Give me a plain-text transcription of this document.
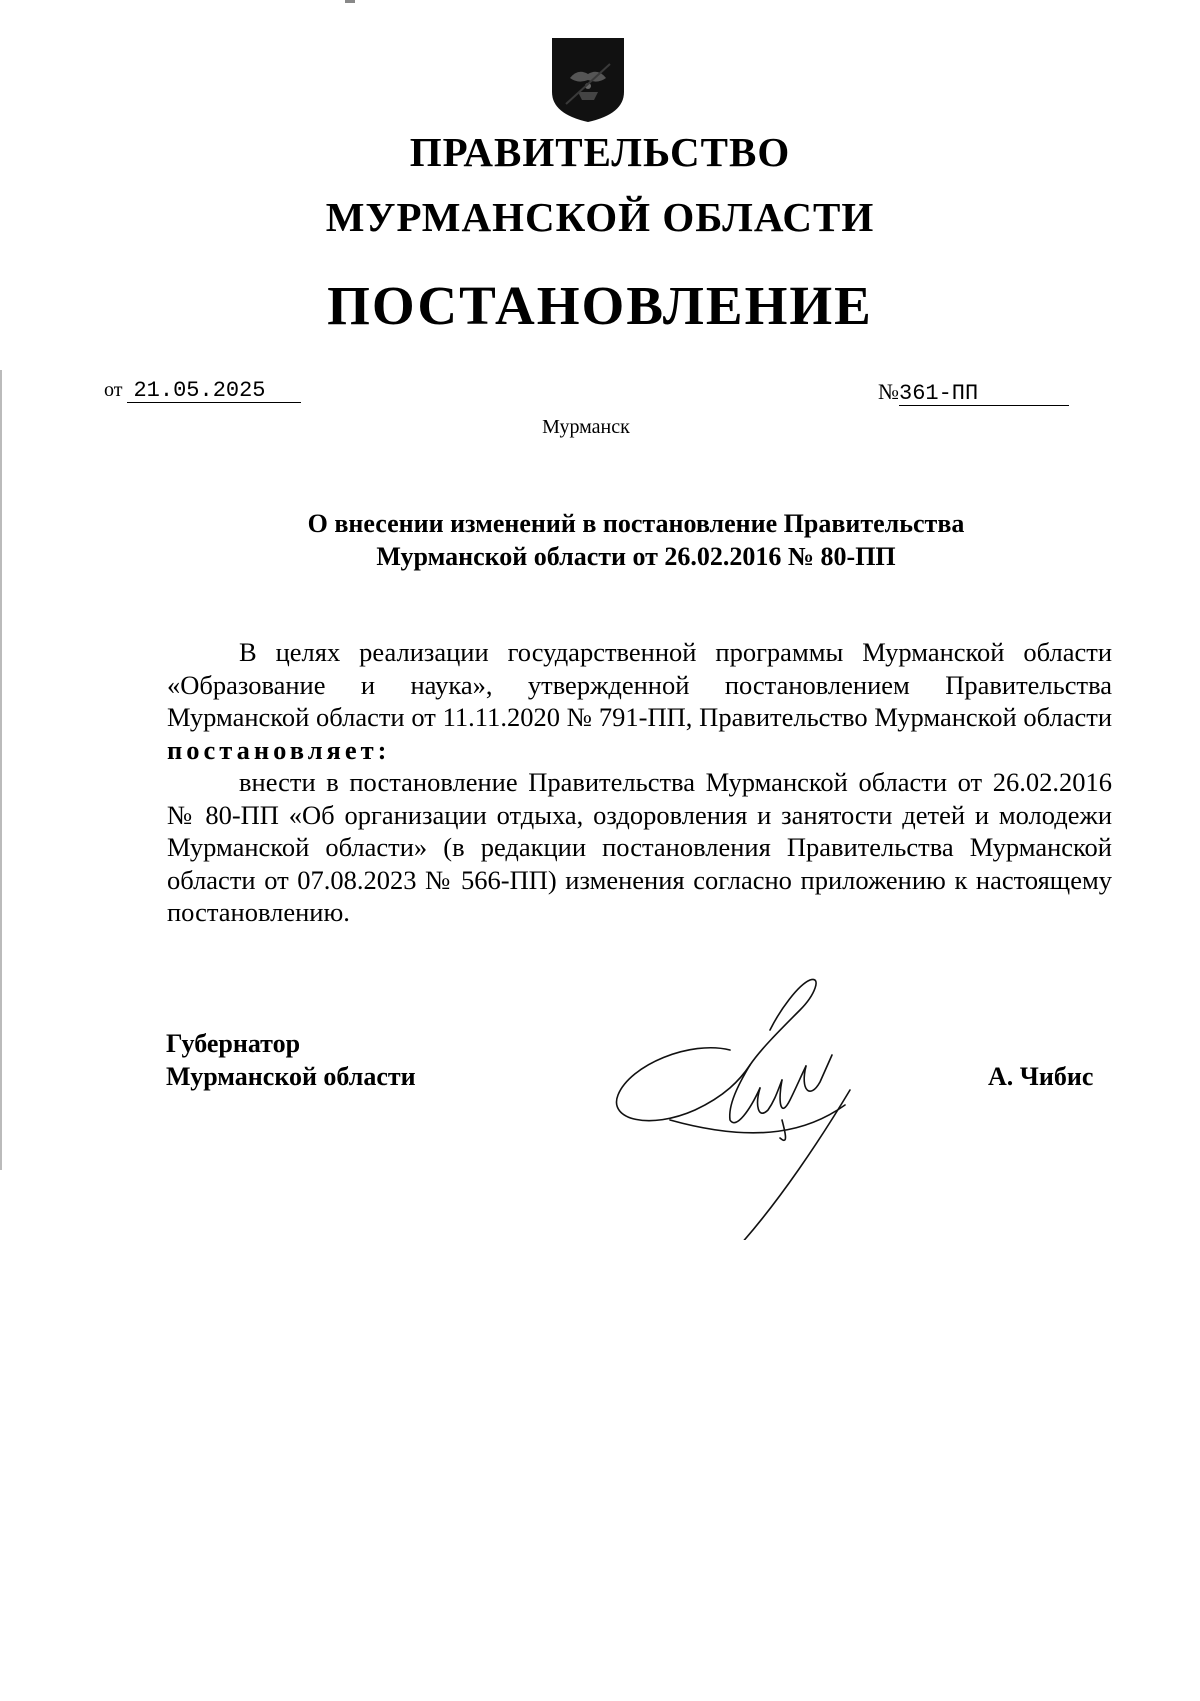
ПРАВИТЕЛЬСТВО
МУРМАНСКОЙ ОБЛАСТИ
ПОСТАНОВЛЕНИЕ
от 21.05.2025	№361-ПП
Мурманск
О внесении изменений в постановление Правительства
Мурманской области от 26.02.2016 № 80-ПП

В целях реализации государственной программы Мурманской области «Образование и наука», утвержденной постановлением Правительства Мурманской области от 11.11.2020 № 791-ПП, Правительство Мурманской области постановляет:

внести в постановление Правительства Мурманской области от 26.02.2016 № 80-ПП «Об организации отдыха, оздоровления и занятости детей и молодежи Мурманской области» (в редакции постановления Правительства Мурманской области от 07.08.2023 № 566-ПП) изменения согласно приложению к настоящему постановлению.

Губернатор
Мурманской области	А. Чибис
